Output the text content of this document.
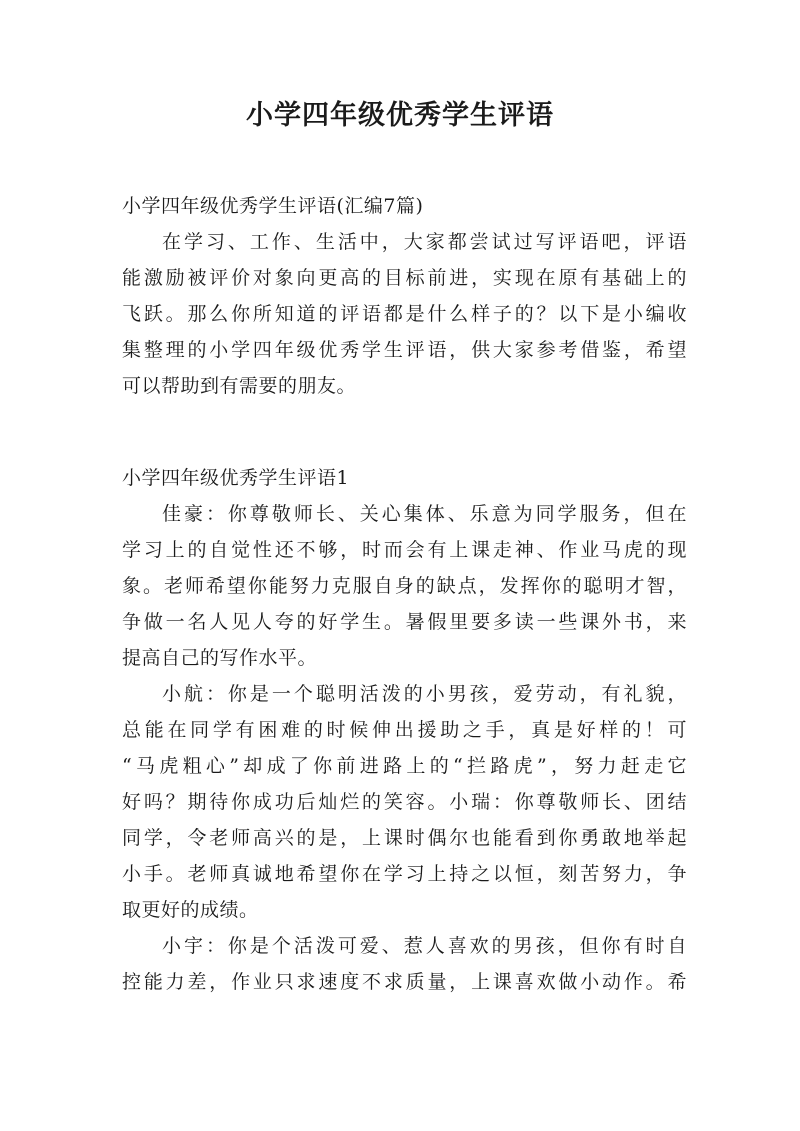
小学四年级优秀学生评语
小学四年级优秀学生评语(汇编7篇)
在学习、工作、生活中，大家都尝试过写评语吧，评语
能激励被评价对象向更高的目标前进，实现在原有基础上的
飞跃。那么你所知道的评语都是什么样子的？以下是小编收
集整理的小学四年级优秀学生评语，供大家参考借鉴，希望
可以帮助到有需要的朋友。
小学四年级优秀学生评语1
佳豪：你尊敬师长、关心集体、乐意为同学服务，但在
学习上的自觉性还不够，时而会有上课走神、作业马虎的现
象。老师希望你能努力克服自身的缺点，发挥你的聪明才智，
争做一名人见人夸的好学生。暑假里要多读一些课外书，来
提高自己的写作水平。
小航：你是一个聪明活泼的小男孩，爱劳动，有礼貌，
总能在同学有困难的时候伸出援助之手，真是好样的！可
“马虎粗心”却成了你前进路上的“拦路虎”，努力赶走它
好吗？期待你成功后灿烂的笑容。小瑞：你尊敬师长、团结
同学，令老师高兴的是，上课时偶尔也能看到你勇敢地举起
小手。老师真诚地希望你在学习上持之以恒，刻苦努力，争
取更好的成绩。
小宇：你是个活泼可爱、惹人喜欢的男孩，但你有时自
控能力差，作业只求速度不求质量，上课喜欢做小动作。希
